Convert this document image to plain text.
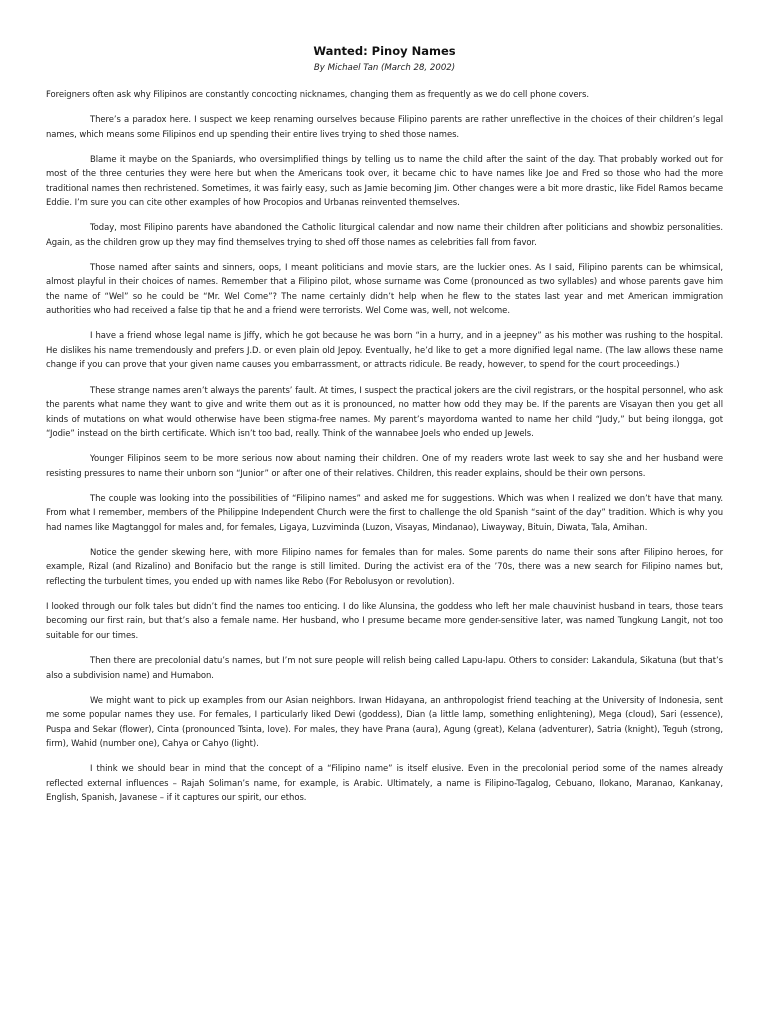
Wanted: Pinoy Names

By Michael Tan (March 28, 2002)

Foreigners often ask why Filipinos are constantly concocting nicknames, changing them as frequently as we do cell phone covers.

There’s a paradox here. I suspect we keep renaming ourselves because Filipino parents are rather unreflective in the choices of their children’s legal names, which means some Filipinos end up spending their entire lives trying to shed those names.

Blame it maybe on the Spaniards, who oversimplified things by telling us to name the child after the saint of the day. That probably worked out for most of the three centuries they were here but when the Americans took over, it became chic to have names like Joe and Fred so those who had the more traditional names then rechristened. Sometimes, it was fairly easy, such as Jamie becoming Jim. Other changes were a bit more drastic, like Fidel Ramos became Eddie. I’m sure you can cite other examples of how Procopios and Urbanas reinvented themselves.

Today, most Filipino parents have abandoned the Catholic liturgical calendar and now name their children after politicians and showbiz personalities. Again, as the children grow up they may find themselves trying to shed off those names as celebrities fall from favor.

Those named after saints and sinners, oops, I meant politicians and movie stars, are the luckier ones. As I said, Filipino parents can be whimsical, almost playful in their choices of names. Remember that a Filipino pilot, whose surname was Come (pronounced as two syllables) and whose parents gave him the name of “Wel” so he could be “Mr. Wel Come”? The name certainly didn’t help when he flew to the states last year and met American immigration authorities who had received a false tip that he and a friend were terrorists. Wel Come was, well, not welcome.

I have a friend whose legal name is Jiffy, which he got because he was born “in a hurry, and in a jeepney” as his mother was rushing to the hospital. He dislikes his name tremendously and prefers J.D. or even plain old Jepoy. Eventually, he’d like to get a more dignified legal name. (The law allows these name change if you can prove that your given name causes you embarrassment, or attracts ridicule. Be ready, however, to spend for the court proceedings.)

These strange names aren’t always the parents’ fault. At times, I suspect the practical jokers are the civil registrars, or the hospital personnel, who ask the parents what name they want to give and write them out as it is pronounced, no matter how odd they may be. If the parents are Visayan then you get all kinds of mutations on what would otherwise have been stigma-free names. My parent’s mayordoma wanted to name her child “Judy,” but being ilongga, got “Jodie” instead on the birth certificate. Which isn’t too bad, really. Think of the wannabee Joels who ended up Jewels.

Younger Filipinos seem to be more serious now about naming their children. One of my readers wrote last week to say she and her husband were resisting pressures to name their unborn son “Junior” or after one of their relatives. Children, this reader explains, should be their own persons.

The couple was looking into the possibilities of “Filipino names” and asked me for suggestions. Which was when I realized we don’t have that many. From what I remember, members of the Philippine Independent Church were the first to challenge the old Spanish “saint of the day” tradition. Which is why you had names like Magtanggol for males and, for females, Ligaya, Luzviminda (Luzon, Visayas, Mindanao), Liwayway, Bituin, Diwata, Tala, Amihan.

Notice the gender skewing here, with more Filipino names for females than for males. Some parents do name their sons after Filipino heroes, for example, Rizal (and Rizalino) and Bonifacio but the range is still limited. During the activist era of the ’70s, there was a new search for Filipino names but, reflecting the turbulent times, you ended up with names like Rebo (For Rebolusyon or revolution).

I looked through our folk tales but didn’t find the names too enticing. I do like Alunsina, the goddess who left her male chauvinist husband in tears, those tears becoming our first rain, but that’s also a female name. Her husband, who I presume became more gender-sensitive later, was named Tungkung Langit, not too suitable for our times.

Then there are precolonial datu’s names, but I’m not sure people will relish being called Lapu-lapu. Others to consider: Lakandula, Sikatuna (but that’s also a subdivision name) and Humabon.

We might want to pick up examples from our Asian neighbors. Irwan Hidayana, an anthropologist friend teaching at the University of Indonesia, sent me some popular names they use. For females, I particularly liked Dewi (goddess), Dian (a little lamp, something enlightening), Mega (cloud), Sari (essence), Puspa and Sekar (flower), Cinta (pronounced Tsinta, love). For males, they have Prana (aura), Agung (great), Kelana (adventurer), Satria (knight), Teguh (strong, firm), Wahid (number one), Cahya or Cahyo (light).

I think we should bear in mind that the concept of a “Filipino name” is itself elusive. Even in the precolonial period some of the names already reflected external influences – Rajah Soliman’s name, for example, is Arabic. Ultimately, a name is Filipino-Tagalog, Cebuano, Ilokano, Maranao, Kankanay, English, Spanish, Javanese – if it captures our spirit, our ethos.
